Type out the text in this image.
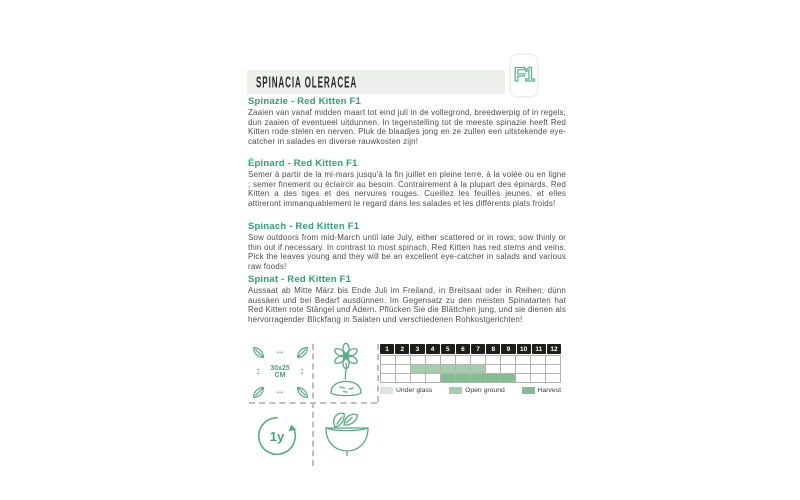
SPINACIA OLERACEA	F1
Spinazie - Red Kitten F1

Zaaien van vanaf midden maart tot eind juli in de vollegrond, breedwerpig of in regels; dun zaaien of eventueel uitdunnen. In tegenstelling tot de meeste spinazie heeft Red Kitten rode stelen en nerven. Pluk de blaadjes jong en ze zullen een uitstekende eye-catcher in salades en diverse rauwkosten zijn!

Épinard - Red Kitten F1

Semer à partir de la mi-mars jusqu'à la fin juillet en pleine terre, à la volée ou en ligne ; semer finement ou éclaircir au besoin. Contrairement à la plupart des épinards, Red Kitten a des tiges et des nervures rouges. Cueillez les feuilles jeunes, et elles attireront immanquablement le regard dans les salades et les différents plats froids!

Spinach - Red Kitten F1

Sow outdoors from mid-March until late July, either scattered or in rows; sow thinly or thin out if necessary. In contrast to most spinach, Red Kitten has red stems and veins. Pick the leaves young and they will be an excellent eye-catcher in salads and various raw foods!

Spinat - Red Kitten F1

Aussaat ab Mitte März bis Ende Juli im Freiland, in Breitsaat oder in Reihen; dünn aussäen und bei Bedarf ausdünnen. Im Gegensatz zu den meisten Spinatarten hat Red Kitten rote Stängel und Adern. Pflücken Sie die Blättchen jung, und sie dienen als hervorragender Blickfang in Salaten und verschiedenen Rohkostgerichten!

↔
↕ 30x25
CM	↕
↔
1y
1	2	3	4	5	6	7	8	9	10	11	12
Under glass	Open ground	Harvest
